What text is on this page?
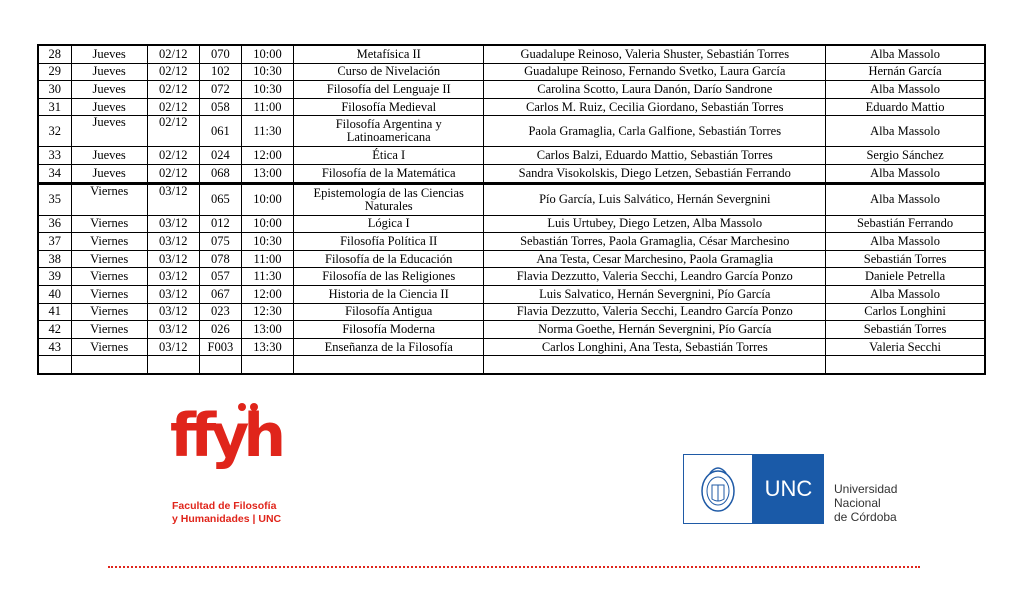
28	Jueves	02/12	070	10:00	Metafísica II	Guadalupe Reinoso, Valeria Shuster, Sebastián Torres	Alba Massolo
29	Jueves	02/12	102	10:30	Curso de Nivelación	Guadalupe Reinoso, Fernando Svetko, Laura García	Hernán García
30	Jueves	02/12	072	10:30	Filosofía del Lenguaje II	Carolina Scotto, Laura Danón, Darío Sandrone	Alba Massolo
31	Jueves	02/12	058	11:00	Filosofía Medieval	Carlos M. Ruiz, Cecilia Giordano, Sebastián Torres	Eduardo Mattio
32	Jueves	02/12	061	11:30	Filosofía Argentina y Latinoamericana	Paola Gramaglia, Carla Galfione, Sebastián Torres	Alba Massolo
33	Jueves	02/12	024	12:00	Ética I	Carlos Balzi, Eduardo Mattio, Sebastián Torres	Sergio Sánchez
34	Jueves	02/12	068	13:00	Filosofía de la Matemática	Sandra Visokolskis, Diego Letzen, Sebastián Ferrando	Alba Massolo
35	Viernes	03/12	065	10:00	Epistemología de las Ciencias Naturales	Pío García, Luis Salvático, Hernán Severgnini	Alba Massolo
36	Viernes	03/12	012	10:00	Lógica I	Luis Urtubey, Diego Letzen, Alba Massolo	Sebastián Ferrando
37	Viernes	03/12	075	10:30	Filosofía Política II	Sebastián Torres, Paola Gramaglia, César Marchesino	Alba Massolo
38	Viernes	03/12	078	11:00	Filosofía de la Educación	Ana Testa, Cesar Marchesino, Paola Gramaglia	Sebastián Torres
39	Viernes	03/12	057	11:30	Filosofía de las Religiones	Flavia Dezzutto, Valeria Secchi, Leandro García Ponzo	Daniele Petrella
40	Viernes	03/12	067	12:00	Historia de la Ciencia II	Luis Salvatico, Hernán Severgnini, Pío García	Alba Massolo
41	Viernes	03/12	023	12:30	Filosofía Antigua	Flavia Dezzutto, Valeria Secchi, Leandro García Ponzo	Carlos Longhini
42	Viernes	03/12	026	13:00	Filosofía Moderna	Norma Goethe, Hernán Severgnini, Pío García	Sebastián Torres
43	Viernes	03/12	F003	13:30	Enseñanza de la Filosofía	Carlos Longhini, Ana Testa, Sebastián Torres	Valeria Secchi

ffyh
Facultad de Filosofía
y Humanidades | UNC
UNC	Universidad
Nacional
de Córdoba
